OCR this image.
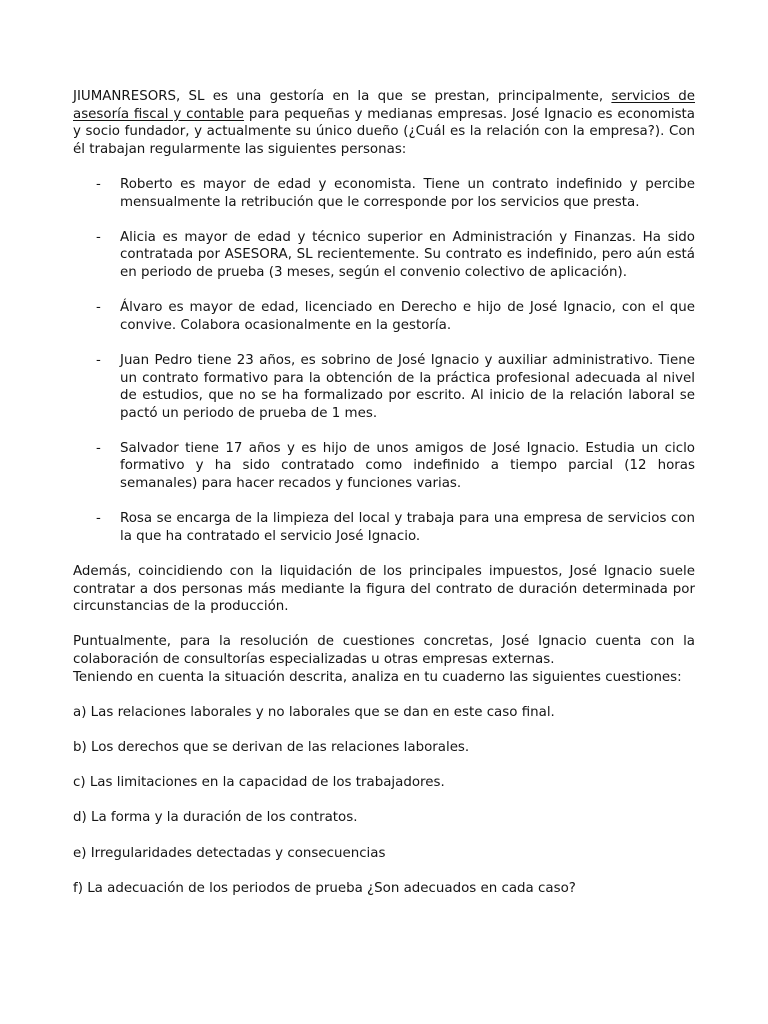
JIUMANRESORS, SL es una gestoría en la que se prestan, principalmente, servicios de asesoría fiscal y contable para pequeñas y medianas empresas. José Ignacio es economista y socio fundador, y actualmente su único dueño (¿Cuál es la relación con la empresa?). Con él trabajan regularmente las siguientes personas:

- Roberto es mayor de edad y economista. Tiene un contrato indefinido y percibe mensualmente la retribución que le corresponde por los servicios que presta.
- Alicia es mayor de edad y técnico superior en Administración y Finanzas. Ha sido contratada por ASESORA, SL recientemente. Su contrato es indefinido, pero aún está en periodo de prueba (3 meses, según el convenio colectivo de aplicación).
- Álvaro es mayor de edad, licenciado en Derecho e hijo de José Ignacio, con el que convive. Colabora ocasionalmente en la gestoría.
- Juan Pedro tiene 23 años, es sobrino de José Ignacio y auxiliar administrativo. Tiene un contrato formativo para la obtención de la práctica profesional adecuada al nivel de estudios, que no se ha formalizado por escrito. Al inicio de la relación laboral se pactó un periodo de prueba de 1 mes.
- Salvador tiene 17 años y es hijo de unos amigos de José Ignacio. Estudia un ciclo formativo y ha sido contratado como indefinido a tiempo parcial (12 horas semanales) para hacer recados y funciones varias.
- Rosa se encarga de la limpieza del local y trabaja para una empresa de servicios con la que ha contratado el servicio José Ignacio.

Además, coincidiendo con la liquidación de los principales impuestos, José Ignacio suele contratar a dos personas más mediante la figura del contrato de duración determinada por circunstancias de la producción.

Puntualmente, para la resolución de cuestiones concretas, José Ignacio cuenta con la colaboración de consultorías especializadas u otras empresas externas.

Teniendo en cuenta la situación descrita, analiza en tu cuaderno las siguientes cuestiones:

a) Las relaciones laborales y no laborales que se dan en este caso final.

b) Los derechos que se derivan de las relaciones laborales.

c) Las limitaciones en la capacidad de los trabajadores.

d) La forma y la duración de los contratos.

e) Irregularidades detectadas y consecuencias

f) La adecuación de los periodos de prueba ¿Son adecuados en cada caso?
